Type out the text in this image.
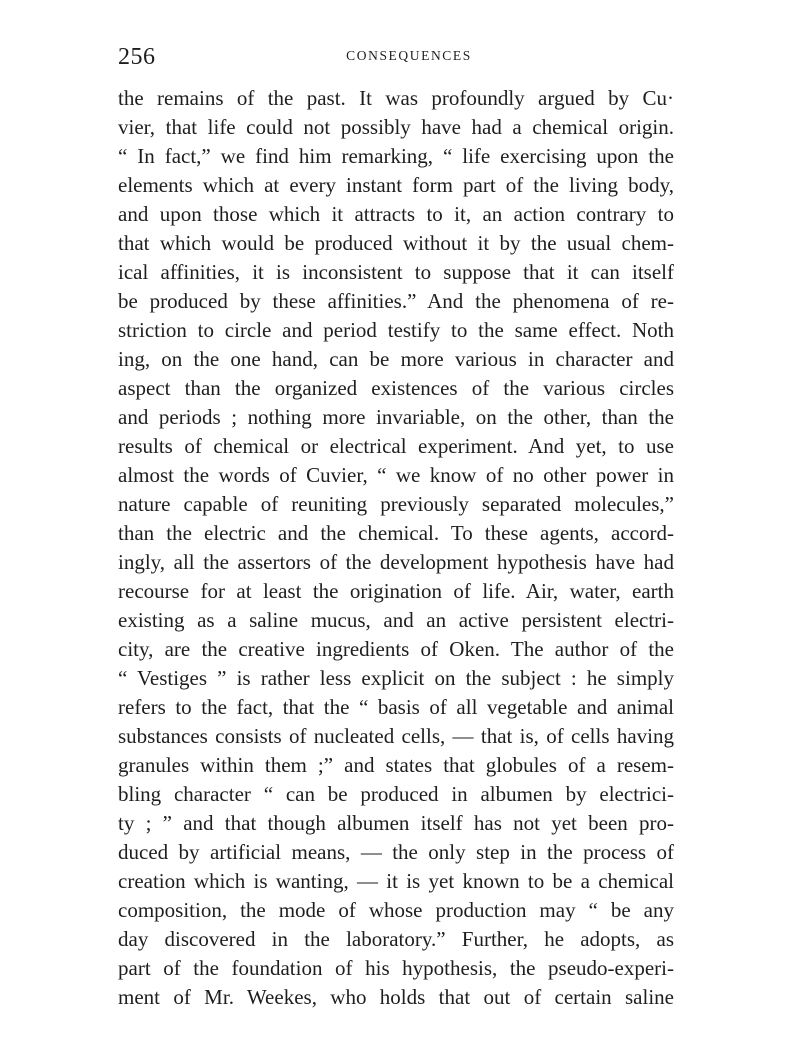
256	CONSEQUENCES
the remains of the past. It was profoundly argued by Cu·
vier, that life could not possibly have had a chemical origin.
“ In fact,” we find him remarking, “ life exercising upon the
elements which at every instant form part of the living body,
and upon those which it attracts to it, an action contrary to
that which would be produced without it by the usual chem-
ical affinities, it is inconsistent to suppose that it can itself
be produced by these affinities.” And the phenomena of re-
striction to circle and period testify to the same effect. Noth
ing, on the one hand, can be more various in character and
aspect than the organized existences of the various circles
and periods ; nothing more invariable, on the other, than the
results of chemical or electrical experiment. And yet, to use
almost the words of Cuvier, “ we know of no other power in
nature capable of reuniting previously separated molecules,”
than the electric and the chemical. To these agents, accord-
ingly, all the assertors of the development hypothesis have had
recourse for at least the origination of life. Air, water, earth
existing as a saline mucus, and an active persistent electri-
city, are the creative ingredients of Oken. The author of the
“ Vestiges ” is rather less explicit on the subject : he simply
refers to the fact, that the “ basis of all vegetable and animal
substances consists of nucleated cells, — that is, of cells having
granules within them ;” and states that globules of a resem-
bling character “ can be produced in albumen by electrici-
ty ; ” and that though albumen itself has not yet been pro-
duced by artificial means, — the only step in the process of
creation which is wanting, — it is yet known to be a chemical
composition, the mode of whose production may “ be any
day discovered in the laboratory.” Further, he adopts, as
part of the foundation of his hypothesis, the pseudo-experi-
ment of Mr. Weekes, who holds that out of certain saline
